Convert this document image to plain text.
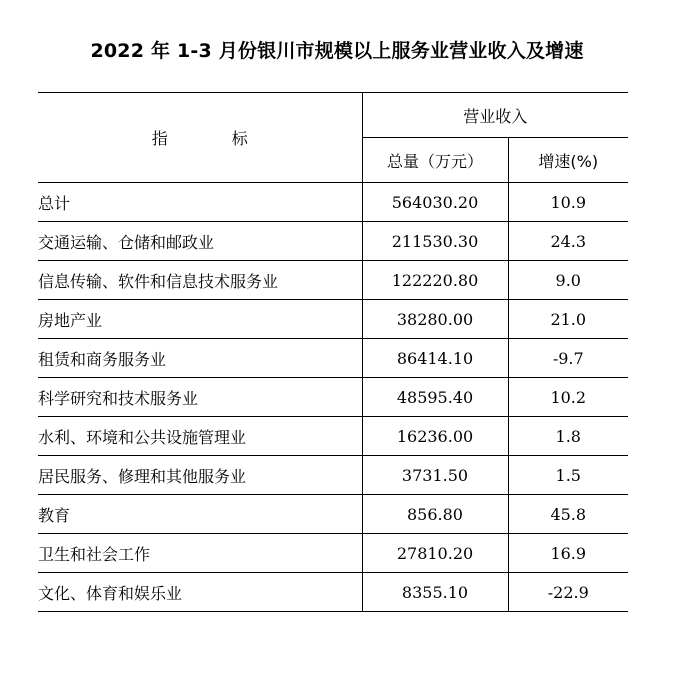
2022 年 1-3 月份银川市规模以上服务业营业收入及增速
指 标	营业收入	
	总量（万元）	增速(%)
总计	564030.20	10.9
交通运输、仓储和邮政业	211530.30	24.3
信息传输、软件和信息技术服务业	122220.80	9.0
房地产业	38280.00	21.0
租赁和商务服务业	86414.10	-9.7
科学研究和技术服务业	48595.40	10.2
水利、环境和公共设施管理业	16236.00	1.8
居民服务、修理和其他服务业	3731.50	1.5
教育	856.80	45.8
卫生和社会工作	27810.20	16.9
文化、体育和娱乐业	8355.10	-22.9
